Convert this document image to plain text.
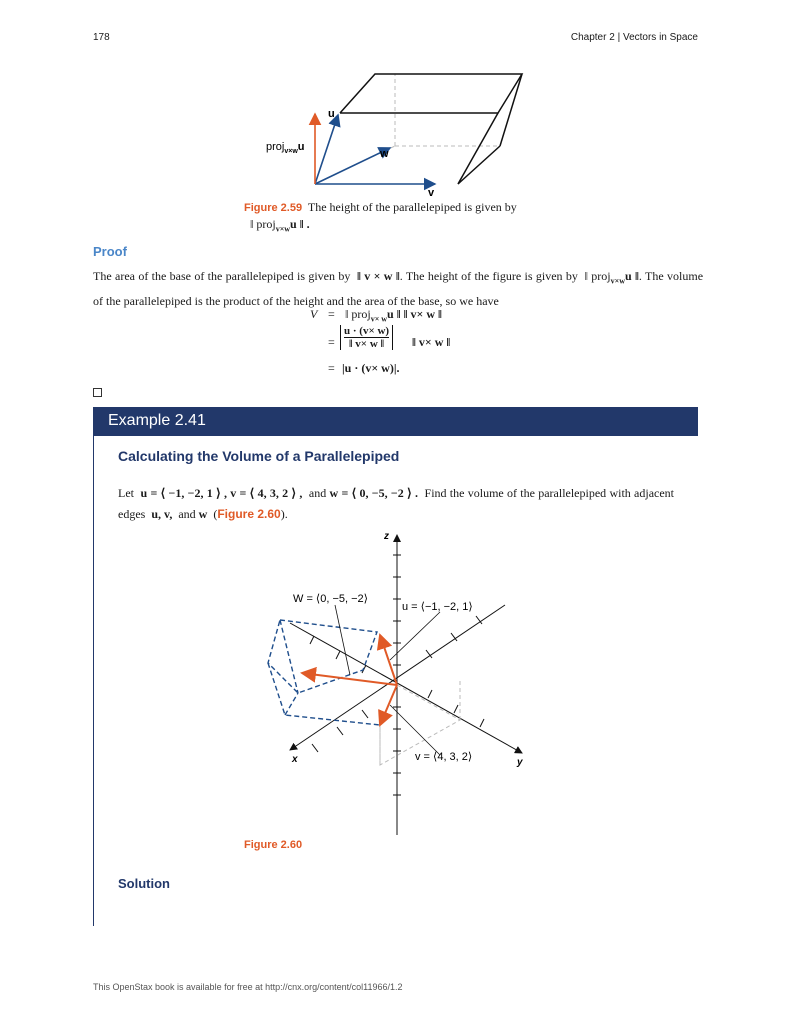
178	Chapter 2 | Vectors in Space
u
w
v
proj$_{v\times w}$u
Figure 2.59 The height of the parallelepiped is given by
‖ proj$_{v\times w}$u ‖ .
Proof
The area of the base of the parallelepiped is given by ‖ v × w ‖. The height of the figure is given by ‖ proj$_{v\times w}$u ‖. The volume of the parallelepiped is the product of the height and the area of the base, so we have
V = ‖ proj$_{v\times w}$u ‖ ‖ v× w ‖
=
u · (v× w)
‖ v× w ‖	‖ v× w ‖
= |u · (v× w)|.
Example 2.41
Calculating the Volume of a Parallelepiped
Let u = ⟨ −1, −2, 1 ⟩ , v = ⟨ 4, 3, 2 ⟩ , and w = ⟨ 0, −5, −2 ⟩ . Find the volume of the parallelepiped with adjacent edges u, v, and w  (Figure 2.60).
z
x	y
W = ⟨0, −5, −2⟩
u = ⟨−1, −2, 1⟩
v = ⟨4, 3, 2⟩
Figure 2.60
Solution
This OpenStax book is available for free at http://cnx.org/content/col11966/1.2
